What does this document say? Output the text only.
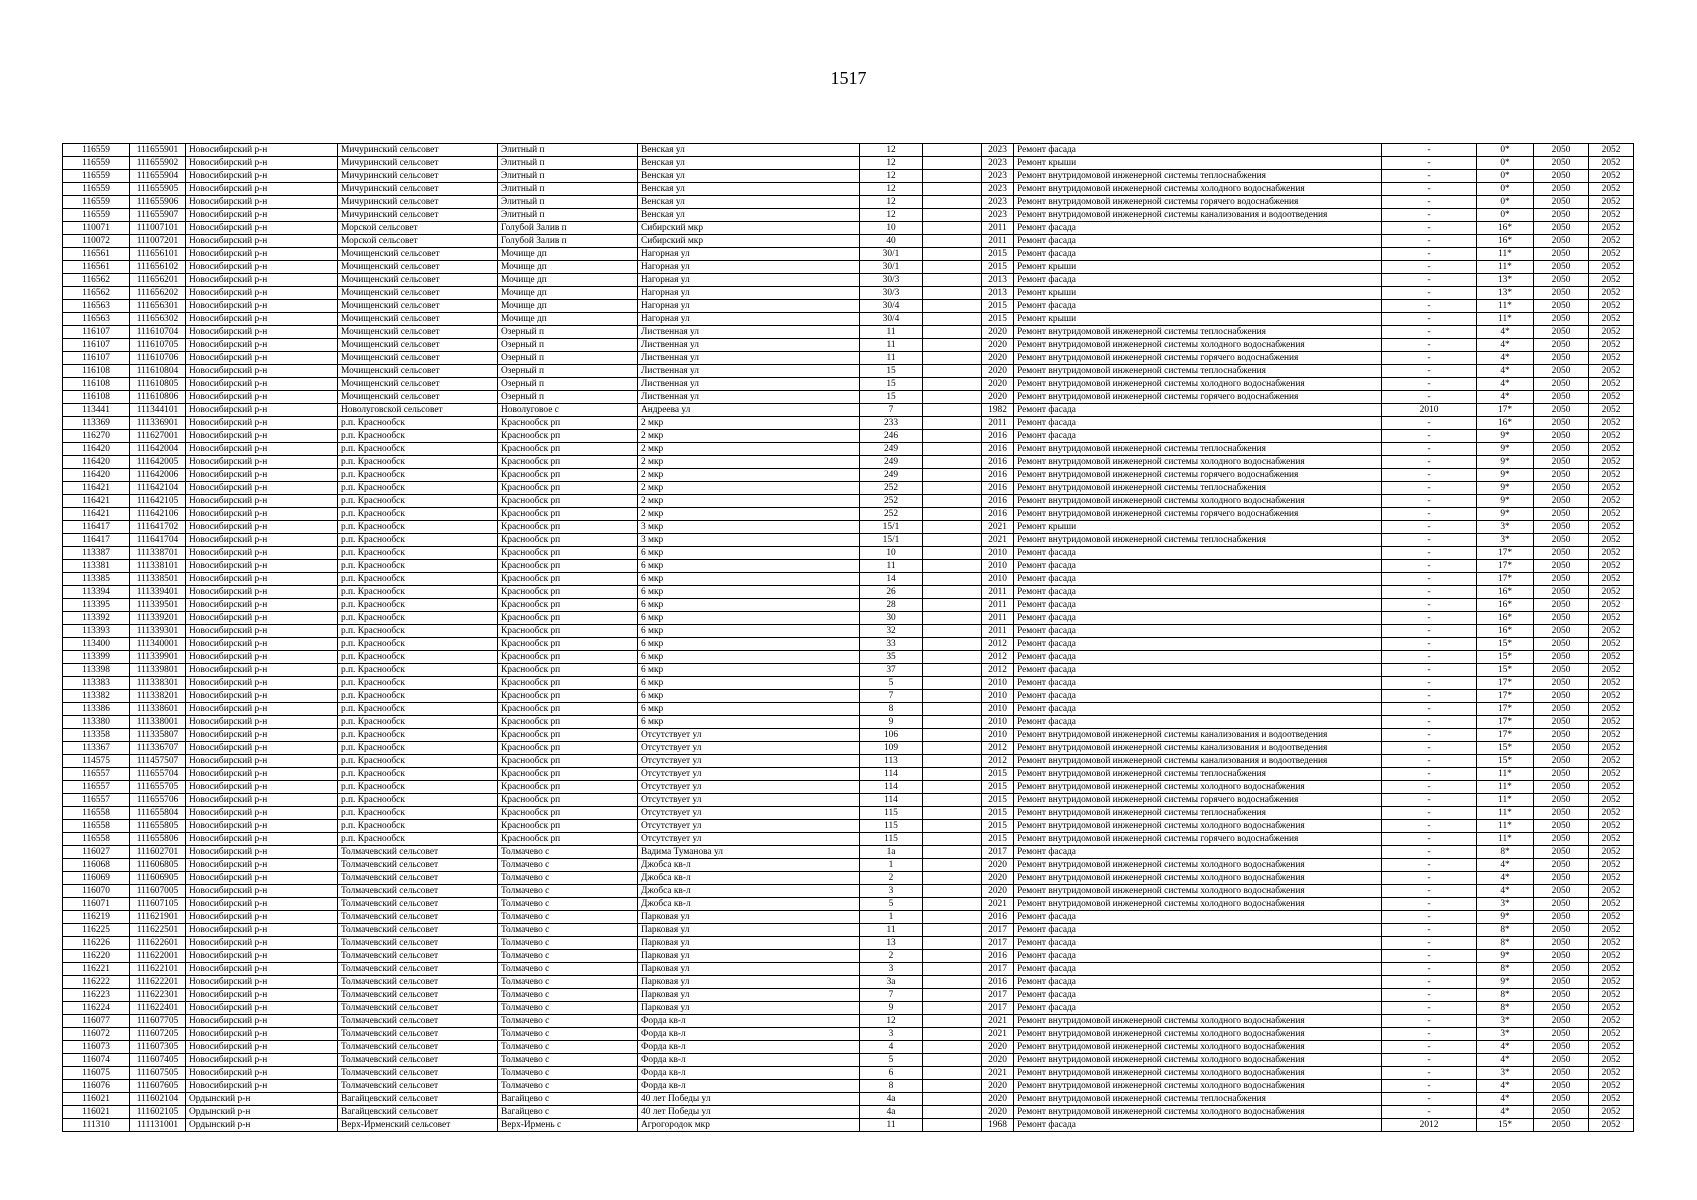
1517
116559	111655901	Новосибирский р-н	Мичуринский сельсовет	Элитный п	Венская ул	12		2023	Ремонт фасада	-	0*	2050	2052
116559	111655902	Новосибирский р-н	Мичуринский сельсовет	Элитный п	Венская ул	12		2023	Ремонт крыши	-	0*	2050	2052
116559	111655904	Новосибирский р-н	Мичуринский сельсовет	Элитный п	Венская ул	12		2023	Ремонт внутридомовой инженерной системы теплоснабжения	-	0*	2050	2052
116559	111655905	Новосибирский р-н	Мичуринский сельсовет	Элитный п	Венская ул	12		2023	Ремонт внутридомовой инженерной системы холодного водоснабжения	-	0*	2050	2052
116559	111655906	Новосибирский р-н	Мичуринский сельсовет	Элитный п	Венская ул	12		2023	Ремонт внутридомовой инженерной системы горячего водоснабжения	-	0*	2050	2052
116559	111655907	Новосибирский р-н	Мичуринский сельсовет	Элитный п	Венская ул	12		2023	Ремонт внутридомовой инженерной системы канализования и водоотведения	-	0*	2050	2052
110071	111007101	Новосибирский р-н	Морской сельсовет	Голубой Залив п	Сибирский мкр	10		2011	Ремонт фасада	-	16*	2050	2052
110072	111007201	Новосибирский р-н	Морской сельсовет	Голубой Залив п	Сибирский мкр	40		2011	Ремонт фасада	-	16*	2050	2052
116561	111656101	Новосибирский р-н	Мочищенский сельсовет	Мочище дп	Нагорная ул	30/1		2015	Ремонт фасада	-	11*	2050	2052
116561	111656102	Новосибирский р-н	Мочищенский сельсовет	Мочище дп	Нагорная ул	30/1		2015	Ремонт крыши	-	11*	2050	2052
116562	111656201	Новосибирский р-н	Мочищенский сельсовет	Мочище дп	Нагорная ул	30/3		2013	Ремонт фасада	-	13*	2050	2052
116562	111656202	Новосибирский р-н	Мочищенский сельсовет	Мочище дп	Нагорная ул	30/3		2013	Ремонт крыши	-	13*	2050	2052
116563	111656301	Новосибирский р-н	Мочищенский сельсовет	Мочище дп	Нагорная ул	30/4		2015	Ремонт фасада	-	11*	2050	2052
116563	111656302	Новосибирский р-н	Мочищенский сельсовет	Мочище дп	Нагорная ул	30/4		2015	Ремонт крыши	-	11*	2050	2052
116107	111610704	Новосибирский р-н	Мочищенский сельсовет	Озерный п	Лиственная ул	11		2020	Ремонт внутридомовой инженерной системы теплоснабжения	-	4*	2050	2052
116107	111610705	Новосибирский р-н	Мочищенский сельсовет	Озерный п	Лиственная ул	11		2020	Ремонт внутридомовой инженерной системы холодного водоснабжения	-	4*	2050	2052
116107	111610706	Новосибирский р-н	Мочищенский сельсовет	Озерный п	Лиственная ул	11		2020	Ремонт внутридомовой инженерной системы горячего водоснабжения	-	4*	2050	2052
116108	111610804	Новосибирский р-н	Мочищенский сельсовет	Озерный п	Лиственная ул	15		2020	Ремонт внутридомовой инженерной системы теплоснабжения	-	4*	2050	2052
116108	111610805	Новосибирский р-н	Мочищенский сельсовет	Озерный п	Лиственная ул	15		2020	Ремонт внутридомовой инженерной системы холодного водоснабжения	-	4*	2050	2052
116108	111610806	Новосибирский р-н	Мочищенский сельсовет	Озерный п	Лиственная ул	15		2020	Ремонт внутридомовой инженерной системы горячего водоснабжения	-	4*	2050	2052
113441	111344101	Новосибирский р-н	Новолуговской сельсовет	Новолуговое с	Андреева ул	7		1982	Ремонт фасада	2010	17*	2050	2052
113369	111336901	Новосибирский р-н	р.п. Краснообск	Краснообск рп	2 мкр	233		2011	Ремонт фасада	-	16*	2050	2052
116270	111627001	Новосибирский р-н	р.п. Краснообск	Краснообск рп	2 мкр	246		2016	Ремонт фасада	-	9*	2050	2052
116420	111642004	Новосибирский р-н	р.п. Краснообск	Краснообск рп	2 мкр	249		2016	Ремонт внутридомовой инженерной системы теплоснабжения	-	9*	2050	2052
116420	111642005	Новосибирский р-н	р.п. Краснообск	Краснообск рп	2 мкр	249		2016	Ремонт внутридомовой инженерной системы холодного водоснабжения	-	9*	2050	2052
116420	111642006	Новосибирский р-н	р.п. Краснообск	Краснообск рп	2 мкр	249		2016	Ремонт внутридомовой инженерной системы горячего водоснабжения	-	9*	2050	2052
116421	111642104	Новосибирский р-н	р.п. Краснообск	Краснообск рп	2 мкр	252		2016	Ремонт внутридомовой инженерной системы теплоснабжения	-	9*	2050	2052
116421	111642105	Новосибирский р-н	р.п. Краснообск	Краснообск рп	2 мкр	252		2016	Ремонт внутридомовой инженерной системы холодного водоснабжения	-	9*	2050	2052
116421	111642106	Новосибирский р-н	р.п. Краснообск	Краснообск рп	2 мкр	252		2016	Ремонт внутридомовой инженерной системы горячего водоснабжения	-	9*	2050	2052
116417	111641702	Новосибирский р-н	р.п. Краснообск	Краснообск рп	3 мкр	15/1		2021	Ремонт крыши	-	3*	2050	2052
116417	111641704	Новосибирский р-н	р.п. Краснообск	Краснообск рп	3 мкр	15/1		2021	Ремонт внутридомовой инженерной системы теплоснабжения	-	3*	2050	2052
113387	111338701	Новосибирский р-н	р.п. Краснообск	Краснообск рп	6 мкр	10		2010	Ремонт фасада	-	17*	2050	2052
113381	111338101	Новосибирский р-н	р.п. Краснообск	Краснообск рп	6 мкр	11		2010	Ремонт фасада	-	17*	2050	2052
113385	111338501	Новосибирский р-н	р.п. Краснообск	Краснообск рп	6 мкр	14		2010	Ремонт фасада	-	17*	2050	2052
113394	111339401	Новосибирский р-н	р.п. Краснообск	Краснообск рп	6 мкр	26		2011	Ремонт фасада	-	16*	2050	2052
113395	111339501	Новосибирский р-н	р.п. Краснообск	Краснообск рп	6 мкр	28		2011	Ремонт фасада	-	16*	2050	2052
113392	111339201	Новосибирский р-н	р.п. Краснообск	Краснообск рп	6 мкр	30		2011	Ремонт фасада	-	16*	2050	2052
113393	111339301	Новосибирский р-н	р.п. Краснообск	Краснообск рп	6 мкр	32		2011	Ремонт фасада	-	16*	2050	2052
113400	111340001	Новосибирский р-н	р.п. Краснообск	Краснообск рп	6 мкр	33		2012	Ремонт фасада	-	15*	2050	2052
113399	111339901	Новосибирский р-н	р.п. Краснообск	Краснообск рп	6 мкр	35		2012	Ремонт фасада	-	15*	2050	2052
113398	111339801	Новосибирский р-н	р.п. Краснообск	Краснообск рп	6 мкр	37		2012	Ремонт фасада	-	15*	2050	2052
113383	111338301	Новосибирский р-н	р.п. Краснообск	Краснообск рп	6 мкр	5		2010	Ремонт фасада	-	17*	2050	2052
113382	111338201	Новосибирский р-н	р.п. Краснообск	Краснообск рп	6 мкр	7		2010	Ремонт фасада	-	17*	2050	2052
113386	111338601	Новосибирский р-н	р.п. Краснообск	Краснообск рп	6 мкр	8		2010	Ремонт фасада	-	17*	2050	2052
113380	111338001	Новосибирский р-н	р.п. Краснообск	Краснообск рп	6 мкр	9		2010	Ремонт фасада	-	17*	2050	2052
113358	111335807	Новосибирский р-н	р.п. Краснообск	Краснообск рп	Отсутствует ул	106		2010	Ремонт внутридомовой инженерной системы канализования и водоотведения	-	17*	2050	2052
113367	111336707	Новосибирский р-н	р.п. Краснообск	Краснообск рп	Отсутствует ул	109		2012	Ремонт внутридомовой инженерной системы канализования и водоотведения	-	15*	2050	2052
114575	111457507	Новосибирский р-н	р.п. Краснообск	Краснообск рп	Отсутствует ул	113		2012	Ремонт внутридомовой инженерной системы канализования и водоотведения	-	15*	2050	2052
116557	111655704	Новосибирский р-н	р.п. Краснообск	Краснообск рп	Отсутствует ул	114		2015	Ремонт внутридомовой инженерной системы теплоснабжения	-	11*	2050	2052
116557	111655705	Новосибирский р-н	р.п. Краснообск	Краснообск рп	Отсутствует ул	114		2015	Ремонт внутридомовой инженерной системы холодного водоснабжения	-	11*	2050	2052
116557	111655706	Новосибирский р-н	р.п. Краснообск	Краснообск рп	Отсутствует ул	114		2015	Ремонт внутридомовой инженерной системы горячего водоснабжения	-	11*	2050	2052
116558	111655804	Новосибирский р-н	р.п. Краснообск	Краснообск рп	Отсутствует ул	115		2015	Ремонт внутридомовой инженерной системы теплоснабжения	-	11*	2050	2052
116558	111655805	Новосибирский р-н	р.п. Краснообск	Краснообск рп	Отсутствует ул	115		2015	Ремонт внутридомовой инженерной системы холодного водоснабжения	-	11*	2050	2052
116558	111655806	Новосибирский р-н	р.п. Краснообск	Краснообск рп	Отсутствует ул	115		2015	Ремонт внутридомовой инженерной системы горячего водоснабжения	-	11*	2050	2052
116027	111602701	Новосибирский р-н	Толмачевский сельсовет	Толмачево с	Вадима Туманова ул	1а		2017	Ремонт фасада	-	8*	2050	2052
116068	111606805	Новосибирский р-н	Толмачевский сельсовет	Толмачево с	Джобса кв-л	1		2020	Ремонт внутридомовой инженерной системы холодного водоснабжения	-	4*	2050	2052
116069	111606905	Новосибирский р-н	Толмачевский сельсовет	Толмачево с	Джобса кв-л	2		2020	Ремонт внутридомовой инженерной системы холодного водоснабжения	-	4*	2050	2052
116070	111607005	Новосибирский р-н	Толмачевский сельсовет	Толмачево с	Джобса кв-л	3		2020	Ремонт внутридомовой инженерной системы холодного водоснабжения	-	4*	2050	2052
116071	111607105	Новосибирский р-н	Толмачевский сельсовет	Толмачево с	Джобса кв-л	5		2021	Ремонт внутридомовой инженерной системы холодного водоснабжения	-	3*	2050	2052
116219	111621901	Новосибирский р-н	Толмачевский сельсовет	Толмачево с	Парковая ул	1		2016	Ремонт фасада	-	9*	2050	2052
116225	111622501	Новосибирский р-н	Толмачевский сельсовет	Толмачево с	Парковая ул	11		2017	Ремонт фасада	-	8*	2050	2052
116226	111622601	Новосибирский р-н	Толмачевский сельсовет	Толмачево с	Парковая ул	13		2017	Ремонт фасада	-	8*	2050	2052
116220	111622001	Новосибирский р-н	Толмачевский сельсовет	Толмачево с	Парковая ул	2		2016	Ремонт фасада	-	9*	2050	2052
116221	111622101	Новосибирский р-н	Толмачевский сельсовет	Толмачево с	Парковая ул	3		2017	Ремонт фасада	-	8*	2050	2052
116222	111622201	Новосибирский р-н	Толмачевский сельсовет	Толмачево с	Парковая ул	3а		2016	Ремонт фасада	-	9*	2050	2052
116223	111622301	Новосибирский р-н	Толмачевский сельсовет	Толмачево с	Парковая ул	7		2017	Ремонт фасада	-	8*	2050	2052
116224	111622401	Новосибирский р-н	Толмачевский сельсовет	Толмачево с	Парковая ул	9		2017	Ремонт фасада	-	8*	2050	2052
116077	111607705	Новосибирский р-н	Толмачевский сельсовет	Толмачево с	Форда кв-л	12		2021	Ремонт внутридомовой инженерной системы холодного водоснабжения	-	3*	2050	2052
116072	111607205	Новосибирский р-н	Толмачевский сельсовет	Толмачево с	Форда кв-л	3		2021	Ремонт внутридомовой инженерной системы холодного водоснабжения	-	3*	2050	2052
116073	111607305	Новосибирский р-н	Толмачевский сельсовет	Толмачево с	Форда кв-л	4		2020	Ремонт внутридомовой инженерной системы холодного водоснабжения	-	4*	2050	2052
116074	111607405	Новосибирский р-н	Толмачевский сельсовет	Толмачево с	Форда кв-л	5		2020	Ремонт внутридомовой инженерной системы холодного водоснабжения	-	4*	2050	2052
116075	111607505	Новосибирский р-н	Толмачевский сельсовет	Толмачево с	Форда кв-л	6		2021	Ремонт внутридомовой инженерной системы холодного водоснабжения	-	3*	2050	2052
116076	111607605	Новосибирский р-н	Толмачевский сельсовет	Толмачево с	Форда кв-л	8		2020	Ремонт внутридомовой инженерной системы холодного водоснабжения	-	4*	2050	2052
116021	111602104	Ордынский р-н	Вагайцевский сельсовет	Вагайцево с	40 лет Победы ул	4а		2020	Ремонт внутридомовой инженерной системы теплоснабжения	-	4*	2050	2052
116021	111602105	Ордынский р-н	Вагайцевский сельсовет	Вагайцево с	40 лет Победы ул	4а		2020	Ремонт внутридомовой инженерной системы холодного водоснабжения	-	4*	2050	2052
111310	111131001	Ордынский р-н	Верх-Ирменский сельсовет	Верх-Ирмень с	Агрогородок мкр	11		1968	Ремонт фасада	2012	15*	2050	2052
